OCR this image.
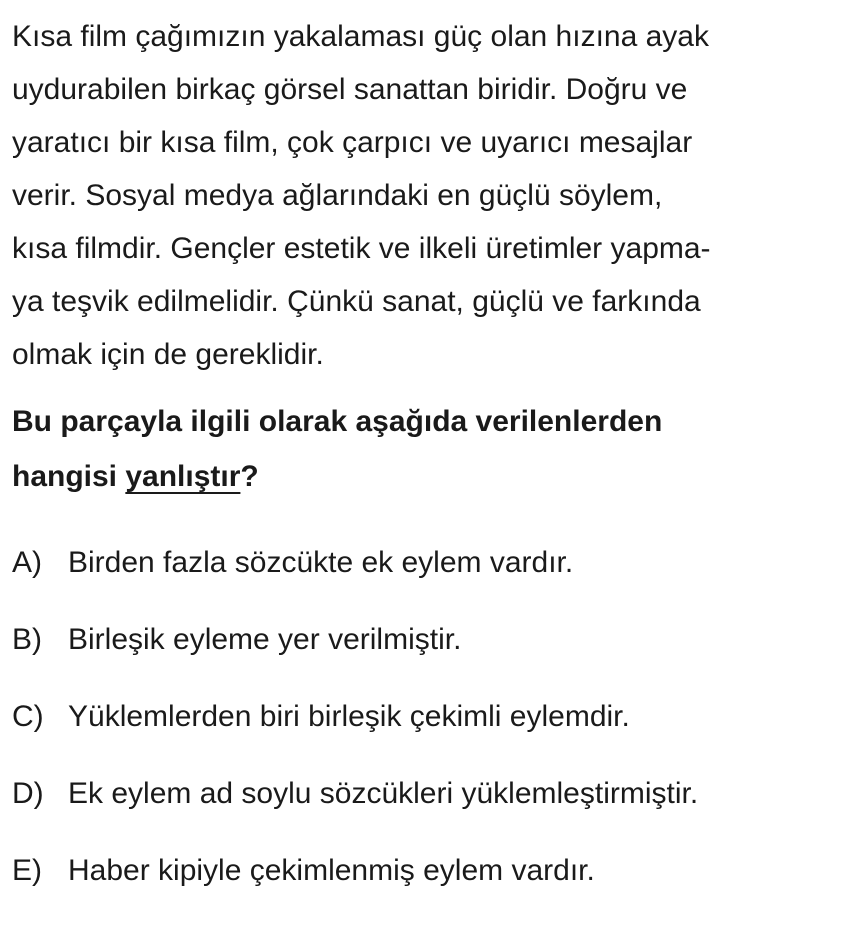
Kısa film çağımızın yakalaması güç olan hızına ayak
uydurabilen birkaç görsel sanattan biridir. Doğru ve
yaratıcı bir kısa film, çok çarpıcı ve uyarıcı mesajlar
verir. Sosyal medya ağlarındaki en güçlü söylem,
kısa filmdir. Gençler estetik ve ilkeli üretimler yapma-
ya teşvik edilmelidir. Çünkü sanat, güçlü ve farkında
olmak için de gereklidir.
Bu parçayla ilgili olarak aşağıda verilenlerden
hangisi yanlıştır?
A) Birden fazla sözcükte ek eylem vardır.
B) Birleşik eyleme yer verilmiştir.
C) Yüklemlerden biri birleşik çekimli eylemdir.
D) Ek eylem ad soylu sözcükleri yüklemleştirmiştir.
E) Haber kipiyle çekimlenmiş eylem vardır.
